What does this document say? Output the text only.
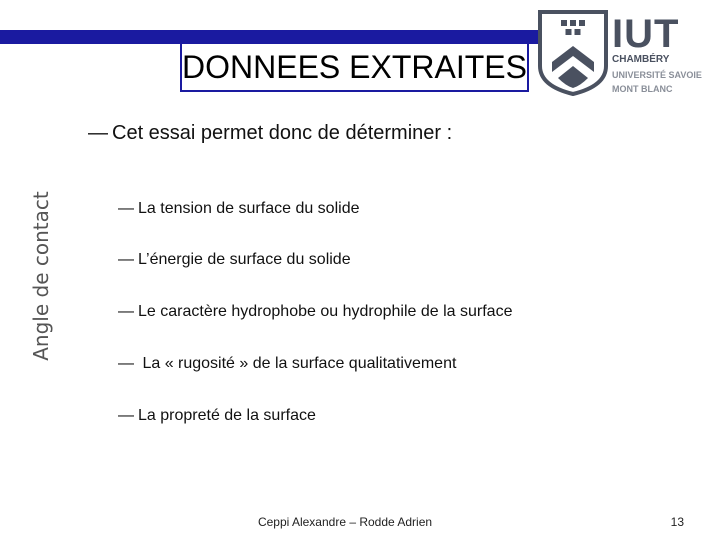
DONNEES EXTRAITES
IUT
CHAMBÉRY
UNIVERSITÉ SAVOIE
MONT BLANC
Angle de contact
— Cet essai permet donc de déterminer :
— La tension de surface du solide
— L’énergie de surface du solide
— Le caractère hydrophobe ou hydrophile de la surface
— La « rugosité » de la surface qualitativement
— La propreté de la surface
Ceppi Alexandre – Rodde Adrien	13
